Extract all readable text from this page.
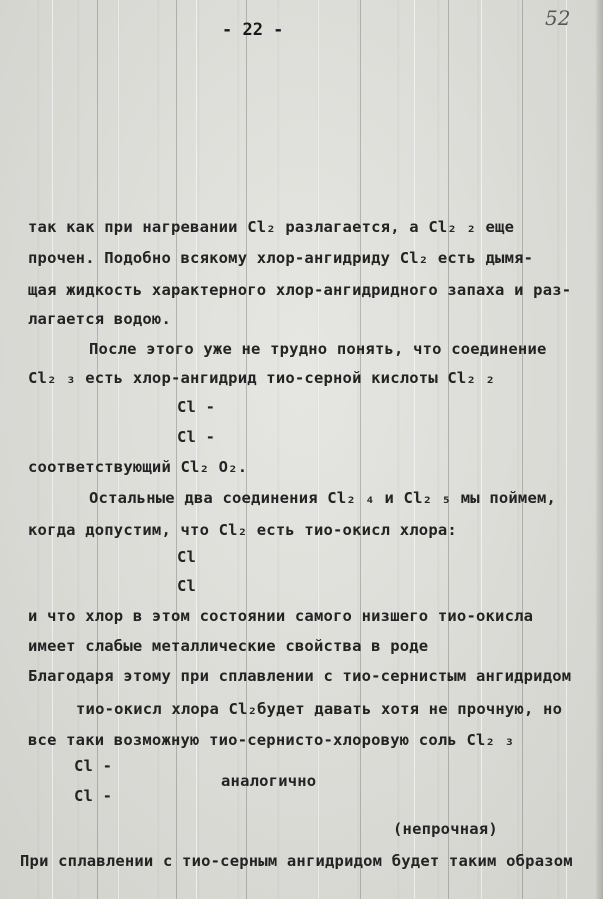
- 22 -	52
так как при нагревании Cl₂ разлагается, а Cl₂ ₂ еще
прочен. Подобно всякому хлор-ангидриду Cl₂ есть дымя-
щая жидкость характерного хлор-ангидридного запаха и раз-
лагается водою.
После этого уже не трудно понять, что соединение
Cl₂ ₃ есть хлор-ангидрид тио-серной кислоты Cl₂ ₂
Cl -
Cl -
соответствующий Cl₂ O₂.
Остальные два соединения Cl₂ ₄ и Cl₂ ₅ мы поймем,
когда допустим, что Cl₂ есть тио-окисл хлора:
Cl
Cl
и что хлор в этом состоянии самого низшего тио-окисла
имеет слабые металлические свойства в роде
Благодаря этому при сплавлении с тио-сернистым ангидридом
тио-окисл хлора Cl₂будет давать хотя не прочную, но
все таки возможную тио-сернисто-хлоровую соль Cl₂ ₃
Cl -
аналогично
Cl -
(непрочная)
При сплавлении с тио-серным ангидридом будет таким образом
